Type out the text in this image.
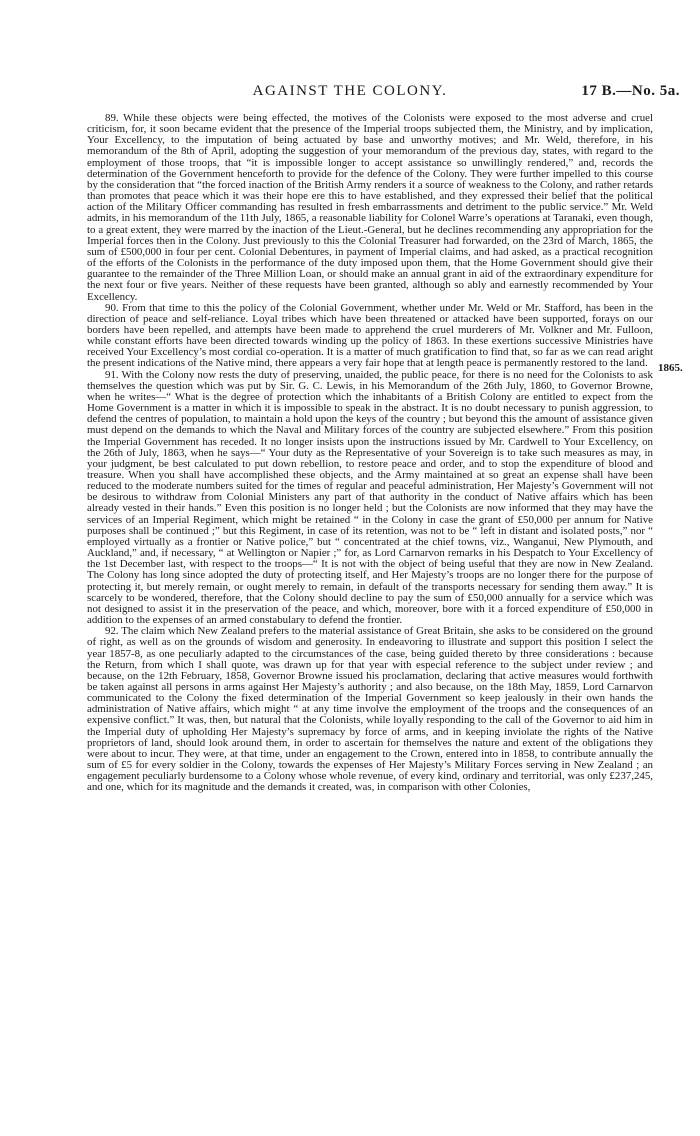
AGAINST THE COLONY.	17 B.—No. 5a.
1865.

89. While these objects were being effected, the motives of the Colonists were exposed to the most adverse and cruel criticism, for, it soon became evident that the presence of the Imperial troops subjected them, the Ministry, and by implication, Your Excellency, to the imputation of being actuated by base and unworthy motives; and Mr. Weld, therefore, in his memorandum of the 8th of April, adopting the suggestion of your memorandum of the previous day, states, with regard to the employment of those troops, that “it is impossible longer to accept assistance so unwillingly rendered,” and, records the determination of the Government henceforth to provide for the defence of the Colony. They were further impelled to this course by the consideration that “the forced inaction of the British Army renders it a source of weakness to the Colony, and rather retards than promotes that peace which it was their hope ere this to have established, and they expressed their belief that the political action of the Military Officer commanding has resulted in fresh embarrassments and detriment to the public service.” Mr. Weld admits, in his memorandum of the 11th July, 1865, a reasonable liability for Colonel Warre’s operations at Taranaki, even though, to a great extent, they were marred by the inaction of the Lieut.-General, but he declines recommending any appropriation for the Imperial forces then in the Colony. Just previously to this the Colonial Treasurer had forwarded, on the 23rd of March, 1865, the sum of £500,000 in four per cent. Colonial Debentures, in payment of Imperial claims, and had asked, as a practical recognition of the efforts of the Colonists in the performance of the duty imposed upon them, that the Home Government should give their guarantee to the remainder of the Three Million Loan, or should make an annual grant in aid of the extraordinary expenditure for the next four or five years. Neither of these requests have been granted, although so ably and earnestly recommended by Your Excellency.

90. From that time to this the policy of the Colonial Government, whether under Mr. Weld or Mr. Stafford, has been in the direction of peace and self-reliance. Loyal tribes which have been threatened or attacked have been supported, forays on our borders have been repelled, and attempts have been made to apprehend the cruel murderers of Mr. Volkner and Mr. Fulloon, while constant efforts have been directed towards winding up the policy of 1863. In these exertions successive Ministries have received Your Excellency’s most cordial co-operation. It is a matter of much gratification to find that, so far as we can read aright the present indications of the Native mind, there appears a very fair hope that at length peace is permanently restored to the land.

91. With the Colony now rests the duty of preserving, unaided, the public peace, for there is no need for the Colonists to ask themselves the question which was put by Sir. G. C. Lewis, in his Memorandum of the 26th July, 1860, to Governor Browne, when he writes—“ What is the degree of protection which the inhabitants of a British Colony are entitled to expect from the Home Government is a matter in which it is impossible to speak in the abstract. It is no doubt necessary to punish aggression, to defend the centres of population, to maintain a hold upon the keys of the country ; but beyond this the amount of assistance given must depend on the demands to which the Naval and Military forces of the country are subjected elsewhere.” From this position the Imperial Government has receded. It no longer insists upon the instructions issued by Mr. Cardwell to Your Excellency, on the 26th of July, 1863, when he says—“ Your duty as the Representative of your Sovereign is to take such measures as may, in your judgment, be best calculated to put down rebellion, to restore peace and order, and to stop the expenditure of blood and treasure. When you shall have accomplished these objects, and the Army maintained at so great an expense shall have been reduced to the moderate numbers suited for the times of regular and peaceful administration, Her Majesty’s Government will not be desirous to withdraw from Colonial Ministers any part of that authority in the conduct of Native affairs which has been already vested in their hands.” Even this position is no longer held ; but the Colonists are now informed that they may have the services of an Imperial Regiment, which might be retained “ in the Colony in case the grant of £50,000 per annum for Native purposes shall be continued ;” but this Regiment, in case of its retention, was not to be “ left in distant and isolated posts,” nor “ employed virtually as a frontier or Native police,” but “ concentrated at the chief towns, viz., Wanganui, New Plymouth, and Auckland,” and, if necessary, “ at Wellington or Napier ;” for, as Lord Carnarvon remarks in his Despatch to Your Excellency of the 1st December last, with respect to the troops—“ It is not with the object of being useful that they are now in New Zealand. The Colony has long since adopted the duty of protecting itself, and Her Majesty’s troops are no longer there for the purpose of protecting it, but merely remain, or ought merely to remain, in default of the transports necessary for sending them away.” It is scarcely to be wondered, therefore, that the Colony should decline to pay the sum of £50,000 annually for a service which was not designed to assist it in the preservation of the peace, and which, moreover, bore with it a forced expenditure of £50,000 in addition to the expenses of an armed constabulary to defend the frontier.

92. The claim which New Zealand prefers to the material assistance of Great Britain, she asks to be considered on the ground of right, as well as on the grounds of wisdom and generosity. In endeavoring to illustrate and support this position I select the year 1857-8, as one peculiarly adapted to the circumstances of the case, being guided thereto by three considerations : because the Return, from which I shall quote, was drawn up for that year with especial reference to the subject under review ; and because, on the 12th February, 1858, Governor Browne issued his proclamation, declaring that active measures would forthwith be taken against all persons in arms against Her Majesty’s authority ; and also because, on the 18th May, 1859, Lord Carnarvon communicated to the Colony the fixed determination of the Imperial Government so keep jealously in their own hands the administration of Native affairs, which might “ at any time involve the employment of the troops and the consequences of an expensive conflict.” It was, then, but natural that the Colonists, while loyally responding to the call of the Governor to aid him in the Imperial duty of upholding Her Majesty’s supremacy by force of arms, and in keeping inviolate the rights of the Native proprietors of land, should look around them, in order to ascertain for themselves the nature and extent of the obligations they were about to incur. They were, at that time, under an engagement to the Crown, entered into in 1858, to contribute annually the sum of £5 for every soldier in the Colony, towards the expenses of Her Majesty’s Military Forces serving in New Zealand ; an engagement peculiarly burdensome to a Colony whose whole revenue, of every kind, ordinary and territorial, was only £237,245, and one, which for its magnitude and the demands it created, was, in comparison with other Colonies,
